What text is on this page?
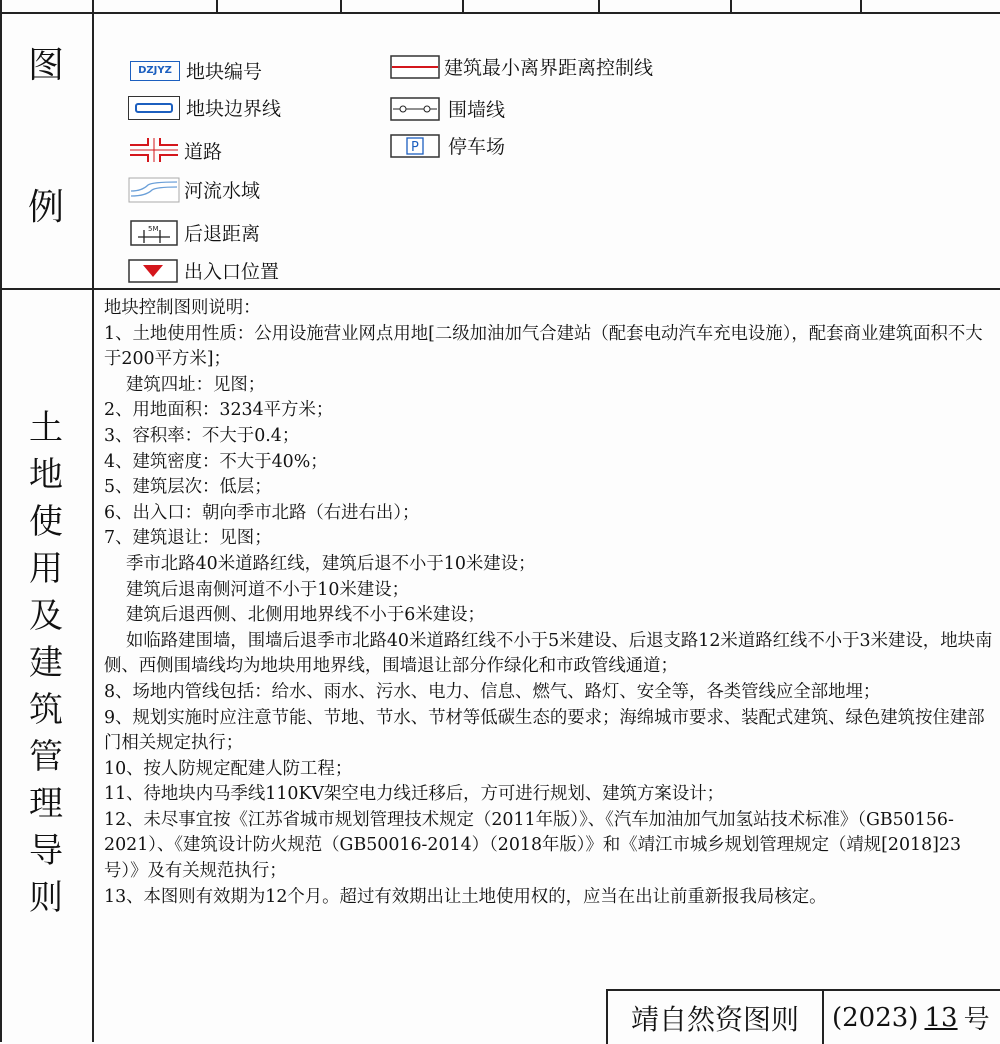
图
例
DZJYZ 地块编号
地块边界线
道路
河流水域
5M 后退距离
出入口位置
建筑最小离界距离控制线
围墙线
P 停车场
土
地
使
用
及
建
筑
管
理
导
则

地块控制图则说明：

1、土地使用性质：公用设施营业网点用地[二级加油加气合建站（配套电动汽车充电设施），配套商业建筑面积不大于200平方米]；

建筑四址：见图；

2、用地面积：3234平方米；

3、容积率：不大于0.4；

4、建筑密度：不大于40%；

5、建筑层次：低层；

6、出入口：朝向季市北路（右进右出）；

7、建筑退让：见图；

季市北路40米道路红线，建筑后退不小于10米建设；

建筑后退南侧河道不小于10米建设；

建筑后退西侧、北侧用地界线不小于6米建设；

如临路建围墙，围墙后退季市北路40米道路红线不小于5米建设、后退支路12米道路红线不小于3米建设，地块南侧、西侧围墙线均为地块用地界线，围墙退让部分作绿化和市政管线通道；

8、场地内管线包括：给水、雨水、污水、电力、信息、燃气、路灯、安全等，各类管线应全部地埋；

9、规划实施时应注意节能、节地、节水、节材等低碳生态的要求；海绵城市要求、装配式建筑、绿色建筑按住建部门相关规定执行；

10、按人防规定配建人防工程；

11、待地块内马季线110KV架空电力线迁移后，方可进行规划、建筑方案设计；

12、未尽事宜按《江苏省城市规划管理技术规定（2011年版）》、《汽车加油加气加氢站技术标准》（GB50156-2021）、《建筑设计防火规范（GB50016-2014）（2018年版）》和《靖江市城乡规划管理规定（靖规[2018]23号）》及有关规范执行；

13、本图则有效期为12个月。超过有效期出让土地使用权的，应当在出让前重新报我局核定。

靖自然资图则	(2023) 13 号
